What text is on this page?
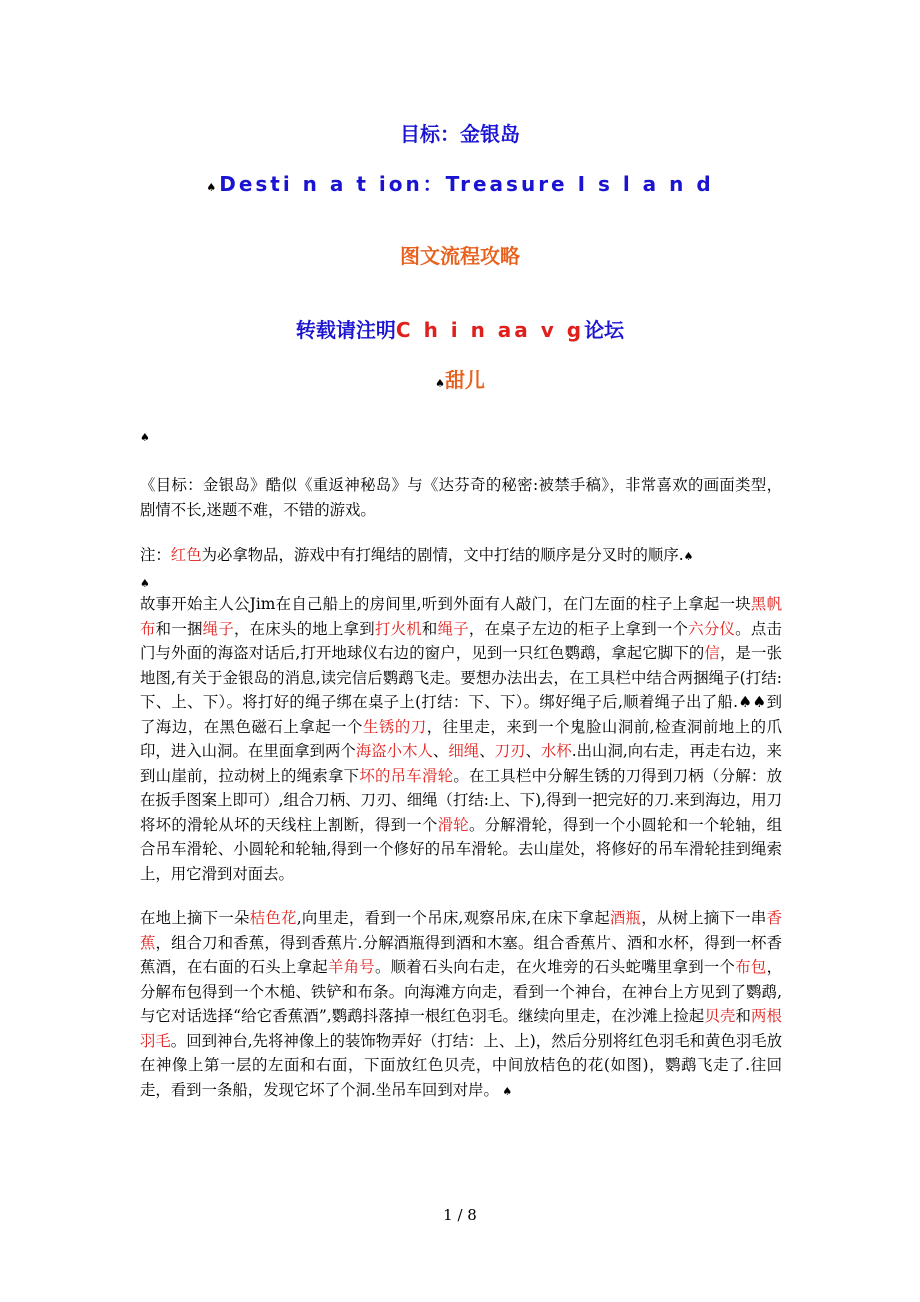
目标：金银岛
♠Desti n a t ion：Treasure I s l a n d
图文流程攻略
转载请注明C h i n aa v g论坛
♠甜儿
♠
《目标：金银岛》酷似《重返神秘岛》与《达芬奇的秘密:被禁手稿》，非常喜欢的画面类型，剧情不长,迷题不难，不错的游戏。
注：红色为必拿物品，游戏中有打绳结的剧情，文中打结的顺序是分叉时的顺序.♠
♠
故事开始主人公Jim在自己船上的房间里,听到外面有人敲门，在门左面的柱子上拿起一块黑帆布和一捆绳子，在床头的地上拿到打火机和绳子，在桌子左边的柜子上拿到一个六分仪。点击门与外面的海盗对话后,打开地球仪右边的窗户，见到一只红色鹦鹉，拿起它脚下的信，是一张地图,有关于金银岛的消息,读完信后鹦鹉飞走。要想办法出去，在工具栏中结合两捆绳子(打结:下、上、下）。将打好的绳子绑在桌子上(打结：下、下）。绑好绳子后,顺着绳子出了船.♠♠到了海边，在黑色磁石上拿起一个生锈的刀，往里走，来到一个鬼脸山洞前,检查洞前地上的爪印，进入山洞。在里面拿到两个海盗小木人、细绳、刀刃、水杯.出山洞,向右走，再走右边，来到山崖前，拉动树上的绳索拿下坏的吊车滑轮。在工具栏中分解生锈的刀得到刀柄（分解：放在扳手图案上即可）,组合刀柄、刀刃、细绳（打结:上、下),得到一把完好的刀.来到海边，用刀将坏的滑轮从坏的天线柱上割断，得到一个滑轮。分解滑轮，得到一个小圆轮和一个轮轴，组合吊车滑轮、小圆轮和轮轴,得到一个修好的吊车滑轮。去山崖处，将修好的吊车滑轮挂到绳索上，用它滑到对面去。
在地上摘下一朵桔色花,向里走，看到一个吊床,观察吊床,在床下拿起酒瓶，从树上摘下一串香蕉，组合刀和香蕉，得到香蕉片.分解酒瓶得到酒和木塞。组合香蕉片、酒和水杯，得到一杯香蕉酒，在右面的石头上拿起羊角号。顺着石头向右走，在火堆旁的石头蛇嘴里拿到一个布包，分解布包得到一个木槌、铁铲和布条。向海滩方向走，看到一个神台，在神台上方见到了鹦鹉,与它对话选择“给它香蕉酒”,鹦鹉抖落掉一根红色羽毛。继续向里走，在沙滩上捡起贝壳和两根羽毛。回到神台,先将神像上的装饰物弄好（打结：上、上)，然后分别将红色羽毛和黄色羽毛放在神像上第一层的左面和右面，下面放红色贝壳，中间放桔色的花(如图)，鹦鹉飞走了.往回走，看到一条船，发现它坏了个洞.坐吊车回到对岸。 ♠
1 / 8
